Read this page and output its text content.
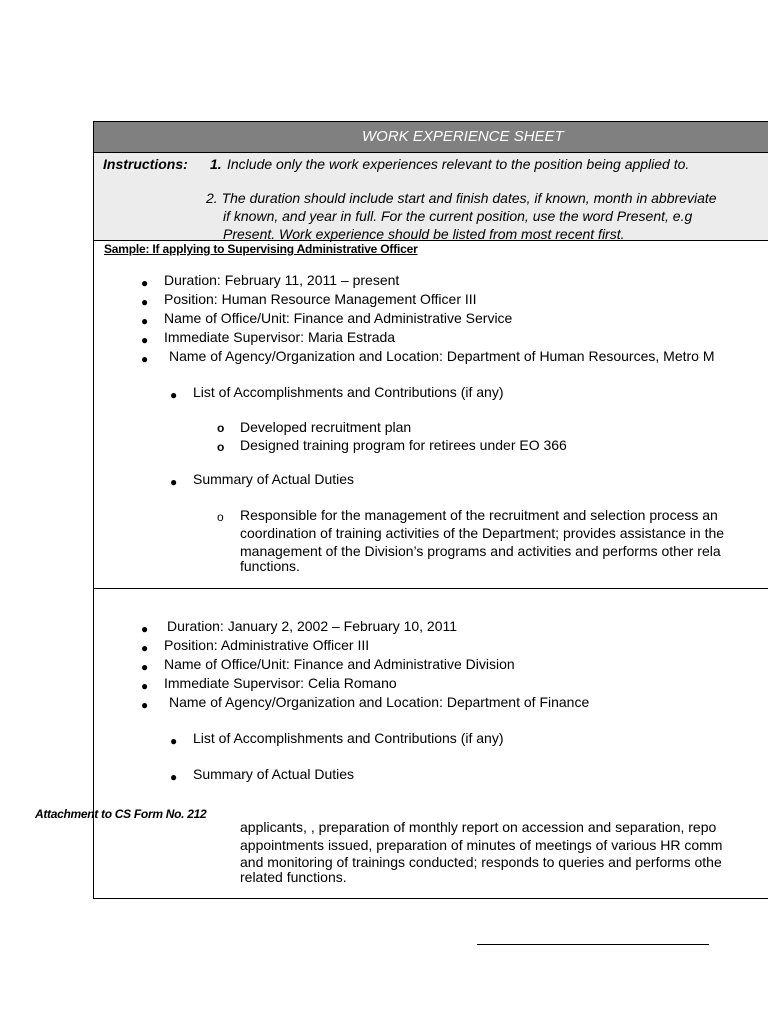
WORK EXPERIENCE SHEET
Instructions: 1. Include only the work experiences relevant to the position being applied to.
2. The duration should include start and finish dates, if known, month in abbreviate
if known, and year in full. For the current position, use the word Present, e.g
Present. Work experience should be listed from most recent first.
Sample: If applying to Supervising Administrative Officer
● Duration: February 11, 2011 – present
● Position: Human Resource Management Officer III
● Name of Office/Unit: Finance and Administrative Service
● Immediate Supervisor: Maria Estrada
● Name of Agency/Organization and Location: Department of Human Resources, Metro M
● List of Accomplishments and Contributions (if any)
o Developed recruitment plan
o Designed training program for retirees under EO 366
● Summary of Actual Duties
o Responsible for the management of the recruitment and selection process an
coordination of training activities of the Department; provides assistance in the
management of the Division’s programs and activities and performs other rela
functions.
● Duration: January 2, 2002 – February 10, 2011
● Position: Administrative Officer III
● Name of Office/Unit: Finance and Administrative Division
● Immediate Supervisor: Celia Romano
● Name of Agency/Organization and Location: Department of Finance
● List of Accomplishments and Contributions (if any)
● Summary of Actual Duties
applicants, , preparation of monthly report on accession and separation, repo
appointments issued, preparation of minutes of meetings of various HR comm
and monitoring of trainings conducted; responds to queries and performs othe
related functions.
Attachment to CS Form No. 212
